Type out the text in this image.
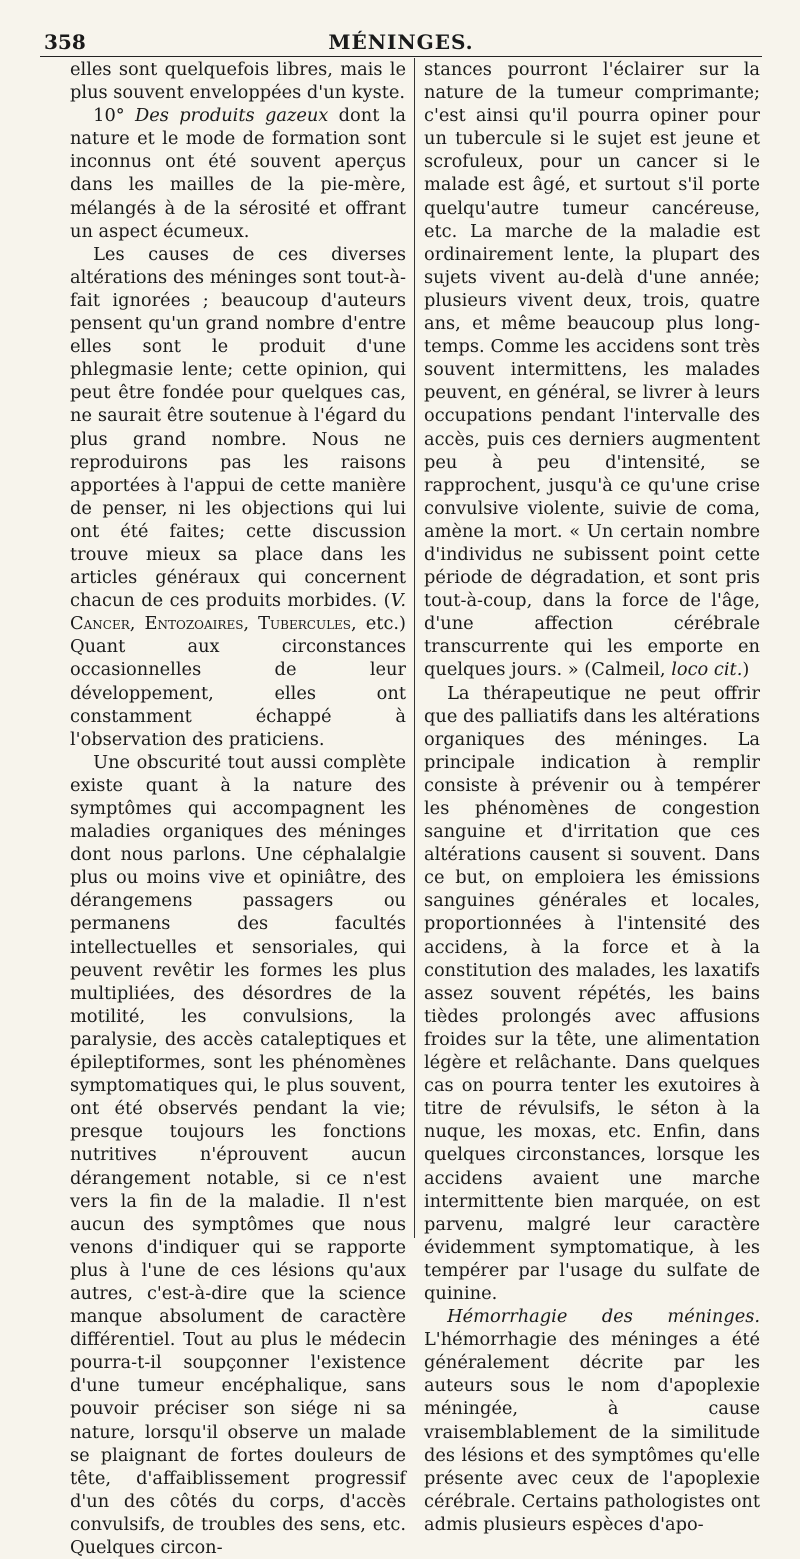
358	MÉNINGES.

elles sont quelquefois libres, mais le plus souvent enveloppées d'un kyste.

10° Des produits gazeux dont la nature et le mode de formation sont inconnus ont été souvent aperçus dans les mailles de la pie-mère, mélangés à de la sérosité et offrant un aspect écumeux.

Les causes de ces diverses altérations des méninges sont tout-à-fait ignorées ; beaucoup d'auteurs pensent qu'un grand nombre d'entre elles sont le produit d'une phlegmasie lente; cette opinion, qui peut être fondée pour quelques cas, ne saurait être soutenue à l'égard du plus grand nombre. Nous ne reproduirons pas les raisons apportées à l'appui de cette manière de penser, ni les objections qui lui ont été faites; cette discussion trouve mieux sa place dans les articles généraux qui concernent chacun de ces produits morbides. (V. Cancer, Entozoaires, Tubercules, etc.) Quant aux circonstances occasionnelles de leur développement, elles ont constamment échappé à l'observation des praticiens.

Une obscurité tout aussi complète existe quant à la nature des symptômes qui accompagnent les maladies organiques des méninges dont nous parlons. Une céphalalgie plus ou moins vive et opiniâtre, des dérangemens passagers ou permanens des facultés intellectuelles et sensoriales, qui peuvent revêtir les formes les plus multipliées, des désordres de la motilité, les convulsions, la paralysie, des accès cataleptiques et épileptiformes, sont les phénomènes symptomatiques qui, le plus souvent, ont été observés pendant la vie; presque toujours les fonctions nutritives n'éprouvent aucun dérangement notable, si ce n'est vers la fin de la maladie. Il n'est aucun des symptômes que nous venons d'indiquer qui se rapporte plus à l'une de ces lésions qu'aux autres, c'est-à-dire que la science manque absolument de caractère différentiel. Tout au plus le médecin pourra-t-il soupçonner l'existence d'une tumeur encéphalique, sans pouvoir préciser son siége ni sa nature, lorsqu'il observe un malade se plaignant de fortes douleurs de tête, d'affaiblissement progressif d'un des côtés du corps, d'accès convulsifs, de troubles des sens, etc. Quelques circon-

stances pourront l'éclairer sur la nature de la tumeur comprimante; c'est ainsi qu'il pourra opiner pour un tubercule si le sujet est jeune et scrofuleux, pour un cancer si le malade est âgé, et surtout s'il porte quelqu'autre tumeur cancéreuse, etc. La marche de la maladie est ordinairement lente, la plupart des sujets vivent au-delà d'une année; plusieurs vivent deux, trois, quatre ans, et même beaucoup plus long-temps. Comme les accidens sont très souvent intermittens, les malades peuvent, en général, se livrer à leurs occupations pendant l'intervalle des accès, puis ces derniers augmentent peu à peu d'intensité, se rapprochent, jusqu'à ce qu'une crise convulsive violente, suivie de coma, amène la mort. « Un certain nombre d'individus ne subissent point cette période de dégradation, et sont pris tout-à-coup, dans la force de l'âge, d'une affection cérébrale transcurrente qui les emporte en quelques jours. » (Calmeil, loco cit.)

La thérapeutique ne peut offrir que des palliatifs dans les altérations organiques des méninges. La principale indication à remplir consiste à prévenir ou à tempérer les phénomènes de congestion sanguine et d'irritation que ces altérations causent si souvent. Dans ce but, on emploiera les émissions sanguines générales et locales, proportionnées à l'intensité des accidens, à la force et à la constitution des malades, les laxatifs assez souvent répétés, les bains tièdes prolongés avec affusions froides sur la tête, une alimentation légère et relâchante. Dans quelques cas on pourra tenter les exutoires à titre de révulsifs, le séton à la nuque, les moxas, etc. Enfin, dans quelques circonstances, lorsque les accidens avaient une marche intermittente bien marquée, on est parvenu, malgré leur caractère évidemment symptomatique, à les tempérer par l'usage du sulfate de quinine.

Hémorrhagie des méninges. L'hémorrhagie des méninges a été généralement décrite par les auteurs sous le nom d'apoplexie méningée, à cause vraisemblablement de la similitude des lésions et des symptômes qu'elle présente avec ceux de l'apoplexie cérébrale. Certains pathologistes ont admis plusieurs espèces d'apo-
